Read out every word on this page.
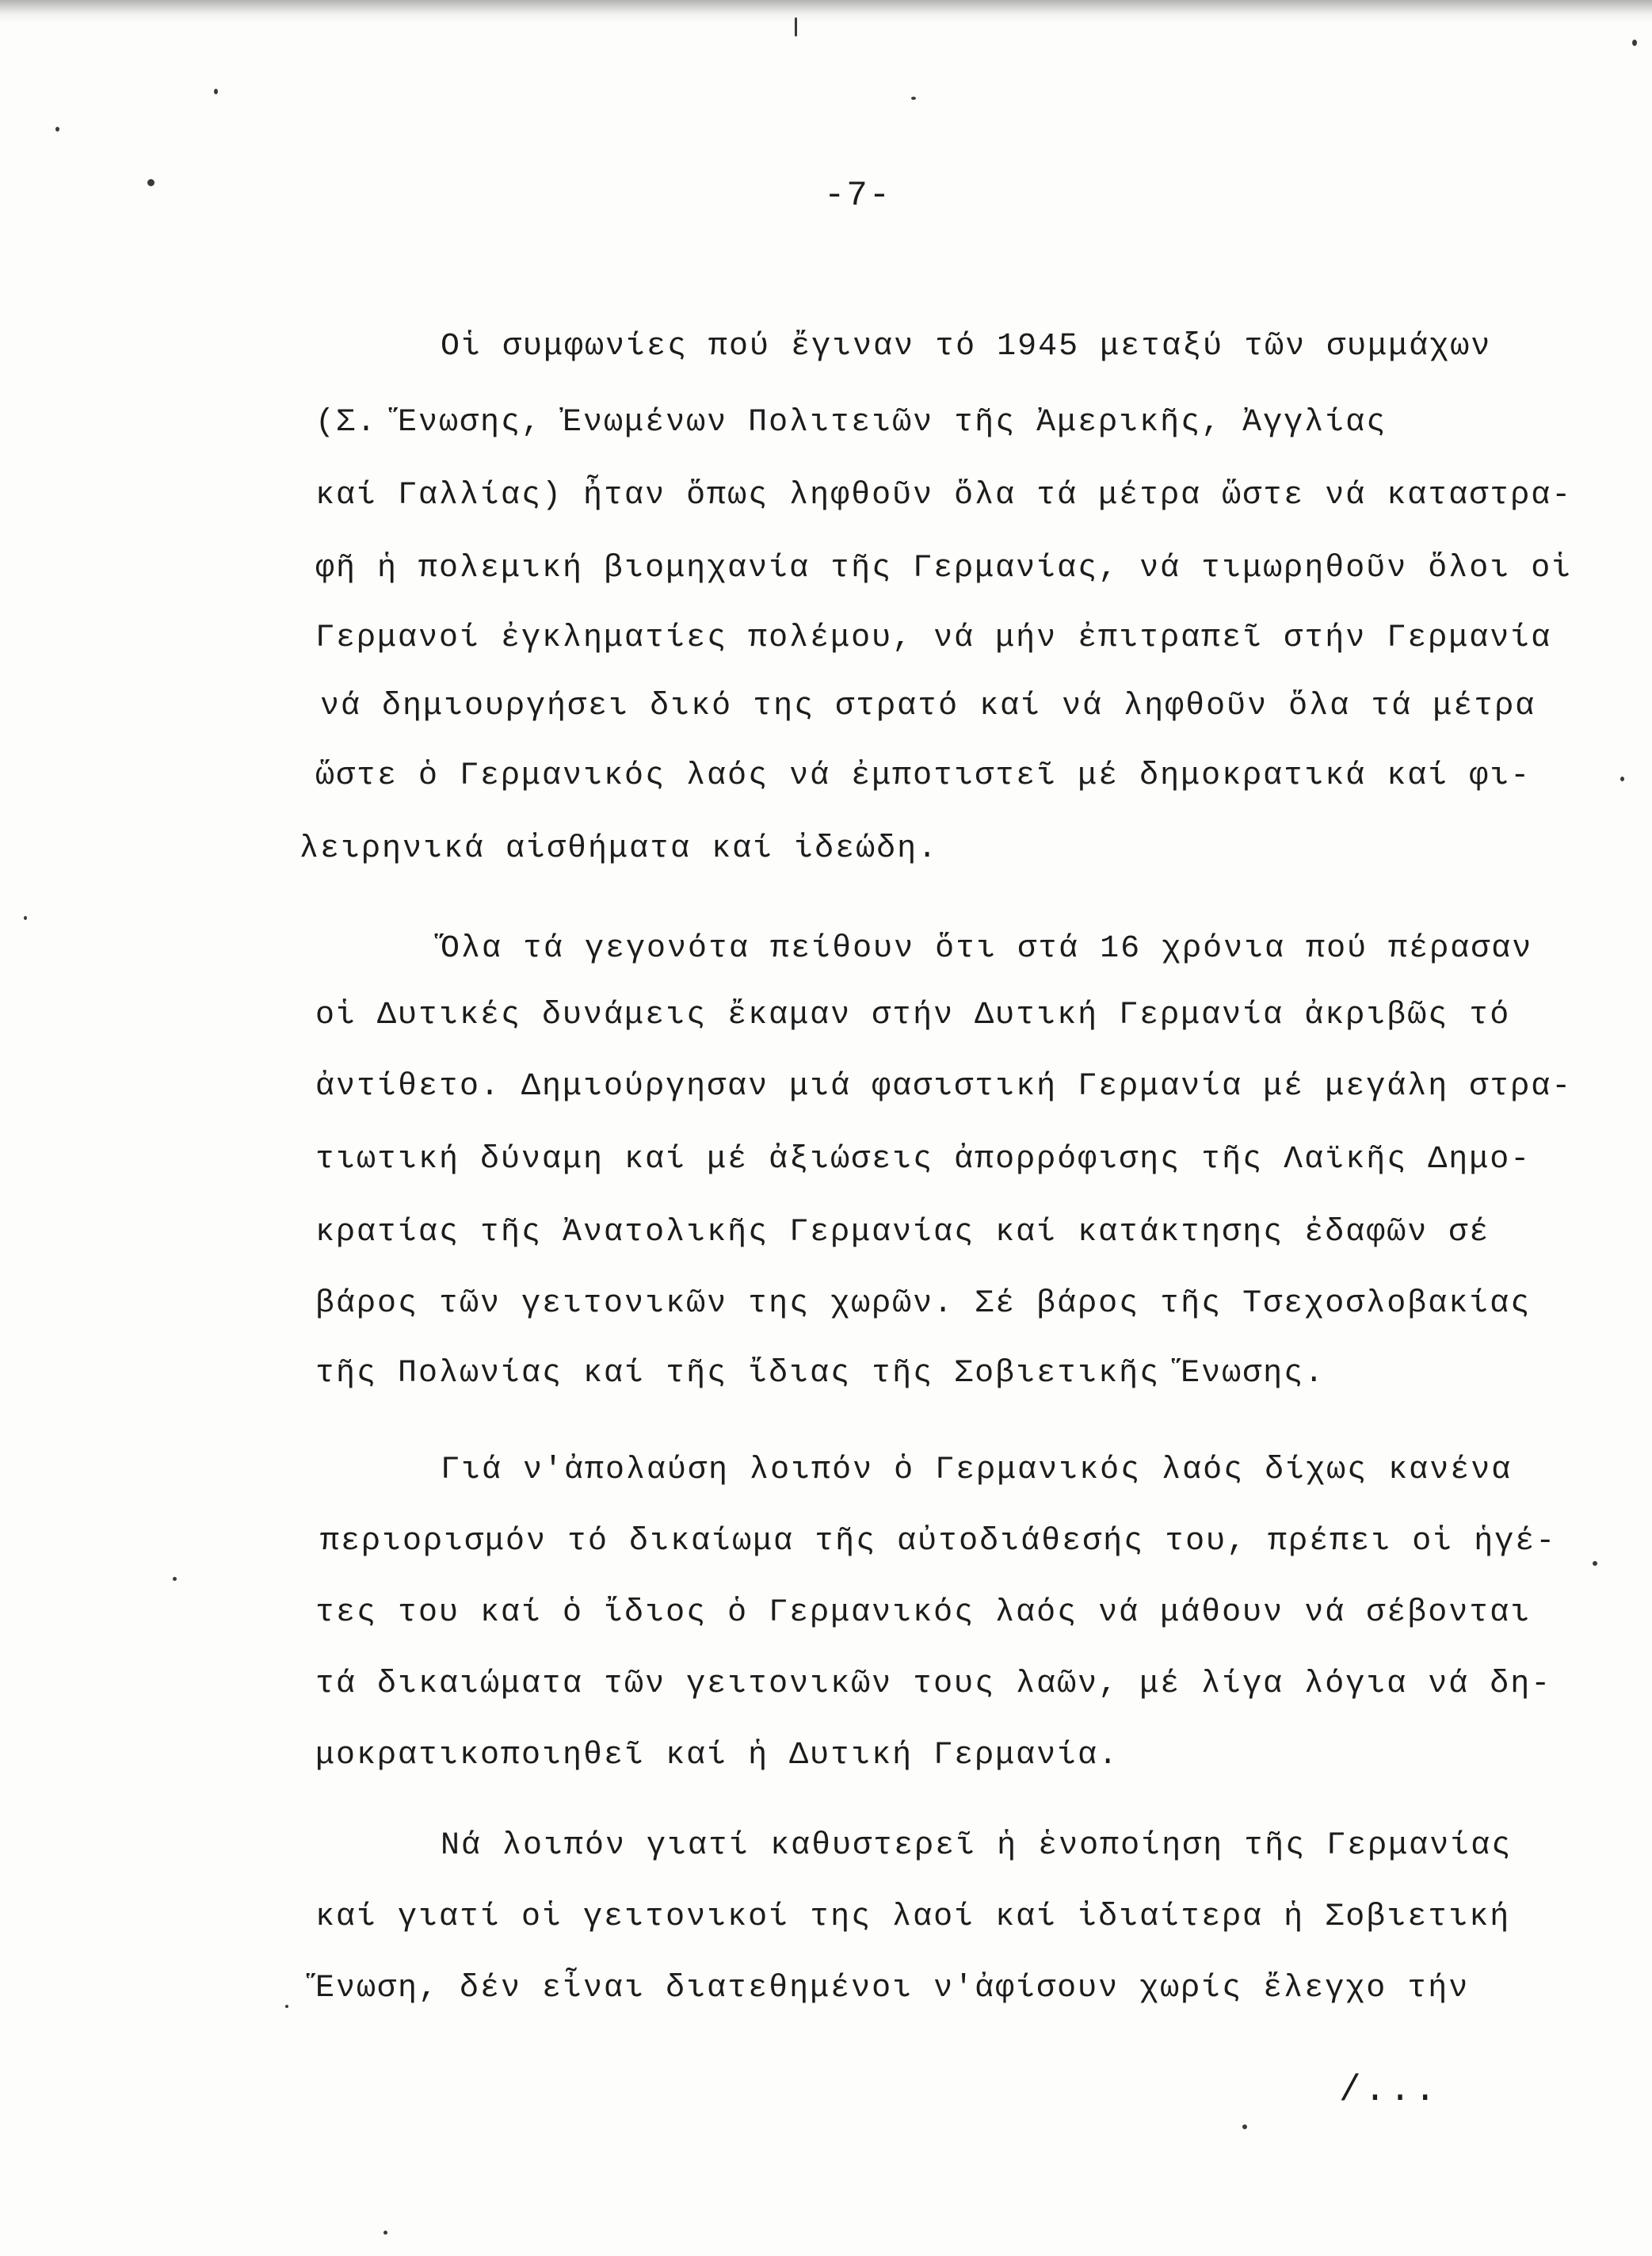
-7-
Οἱ συμφωνίες πού ἔγιναν τό 1945 μεταξύ τῶν συμμάχων
(Σ. Ἕνωσης, Ἐνωμένων Πολιτειῶν τῆς Ἀμερικῆς, Ἀγγλίας
καί Γαλλίας) ἦταν ὅπως ληφθοῦν ὅλα τά μέτρα ὥστε νά καταστρα-
φῆ ἡ πολεμική βιομηχανία τῆς Γερμανίας, νά τιμωρηθοῦν ὅλοι οἱ
Γερμανοί ἐγκληματίες πολέμου, νά μήν ἐπιτραπεῖ στήν Γερμανία
νά δημιουργήσει δικό της στρατό καί νά ληφθοῦν ὅλα τά μέτρα
ὥστε ὁ Γερμανικός λαός νά ἐμποτιστεῖ μέ δημοκρατικά καί φι-
λειρηνικά αἰσθήματα καί ἰδεώδη.
Ὅλα τά γεγονότα πείθουν ὅτι στά 16 χρόνια πού πέρασαν
οἱ Δυτικές δυνάμεις ἔκαμαν στήν Δυτική Γερμανία ἀκριβῶς τό
ἀντίθετο. Δημιούργησαν μιά φασιστική Γερμανία μέ μεγάλη στρα-
τιωτική δύναμη καί μέ ἀξιώσεις ἀπορρόφισης τῆς Λαϊκῆς Δημο-
κρατίας τῆς Ἀνατολικῆς Γερμανίας καί κατάκτησης ἐδαφῶν σέ
βάρος τῶν γειτονικῶν της χωρῶν. Σέ βάρος τῆς Τσεχοσλοβακίας
τῆς Πολωνίας καί τῆς ἴδιας τῆς Σοβιετικῆς Ἕνωσης.
Γιά ν'ἀπολαύση λοιπόν ὁ Γερμανικός λαός δίχως κανένα
περιορισμόν τό δικαίωμα τῆς αὐτοδιάθεσής του, πρέπει οἱ ἡγέ-
τες του καί ὁ ἴδιος ὁ Γερμανικός λαός νά μάθουν νά σέβονται
τά δικαιώματα τῶν γειτονικῶν τους λαῶν, μέ λίγα λόγια νά δη-
μοκρατικοποιηθεῖ καί ἡ Δυτική Γερμανία.
Νά λοιπόν γιατί καθυστερεῖ ἡ ἑνοποίηση τῆς Γερμανίας
καί γιατί οἱ γειτονικοί της λαοί καί ἰδιαίτερα ἡ Σοβιετική
Ἕνωση, δέν εἶναι διατεθημένοι ν'ἀφίσουν χωρίς ἔλεγχο τήν
/...
